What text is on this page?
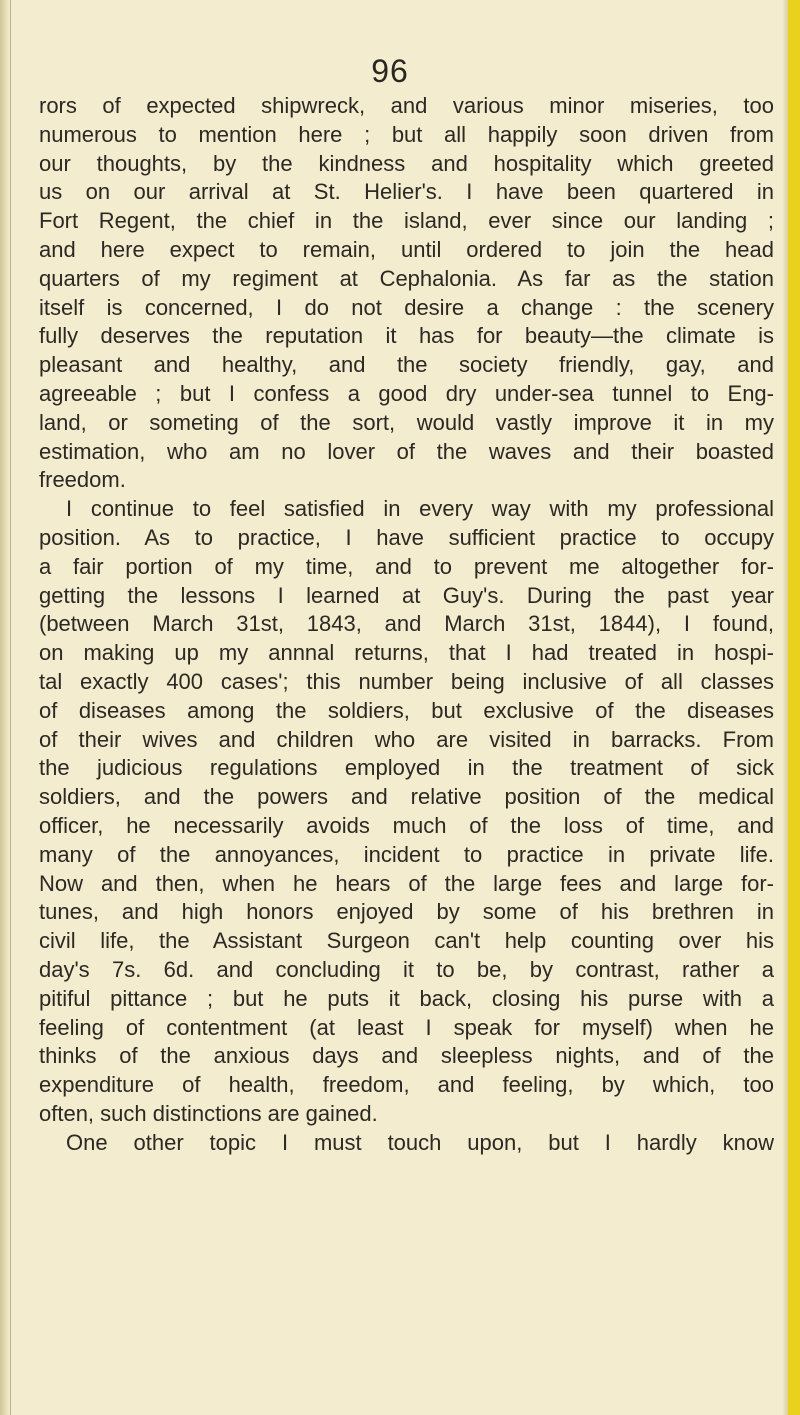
96
rors of expected shipwreck, and various minor miseries, too
numerous to mention here ; but all happily soon driven from
our thoughts, by the kindness and hospitality which greeted
us on our arrival at St. Helier's. I have been quartered in
Fort Regent, the chief in the island, ever since our landing ;
and here expect to remain, until ordered to join the head
quarters of my regiment at Cephalonia. As far as the station
itself is concerned, I do not desire a change : the scenery
fully deserves the reputation it has for beauty—the climate is
pleasant and healthy, and the society friendly, gay, and
agreeable ; but I confess a good dry under-sea tunnel to Eng-
land, or someting of the sort, would vastly improve it in my
estimation, who am no lover of the waves and their boasted
freedom.
I continue to feel satisfied in every way with my professional
position. As to practice, I have sufficient practice to occupy
a fair portion of my time, and to prevent me altogether for-
getting the lessons I learned at Guy's. During the past year
(between March 31st, 1843, and March 31st, 1844), I found,
on making up my annnal returns, that I had treated in hospi-
tal exactly 400 cases'; this number being inclusive of all classes
of diseases among the soldiers, but exclusive of the diseases
of their wives and children who are visited in barracks. From
the judicious regulations employed in the treatment of sick
soldiers, and the powers and relative position of the medical
officer, he necessarily avoids much of the loss of time, and
many of the annoyances, incident to practice in private life.
Now and then, when he hears of the large fees and large for-
tunes, and high honors enjoyed by some of his brethren in
civil life, the Assistant Surgeon can't help counting over his
day's 7s. 6d. and concluding it to be, by contrast, rather a
pitiful pittance ; but he puts it back, closing his purse with a
feeling of contentment (at least I speak for myself) when he
thinks of the anxious days and sleepless nights, and of the
expenditure of health, freedom, and feeling, by which, too
often, such distinctions are gained.
One other topic I must touch upon, but I hardly know
